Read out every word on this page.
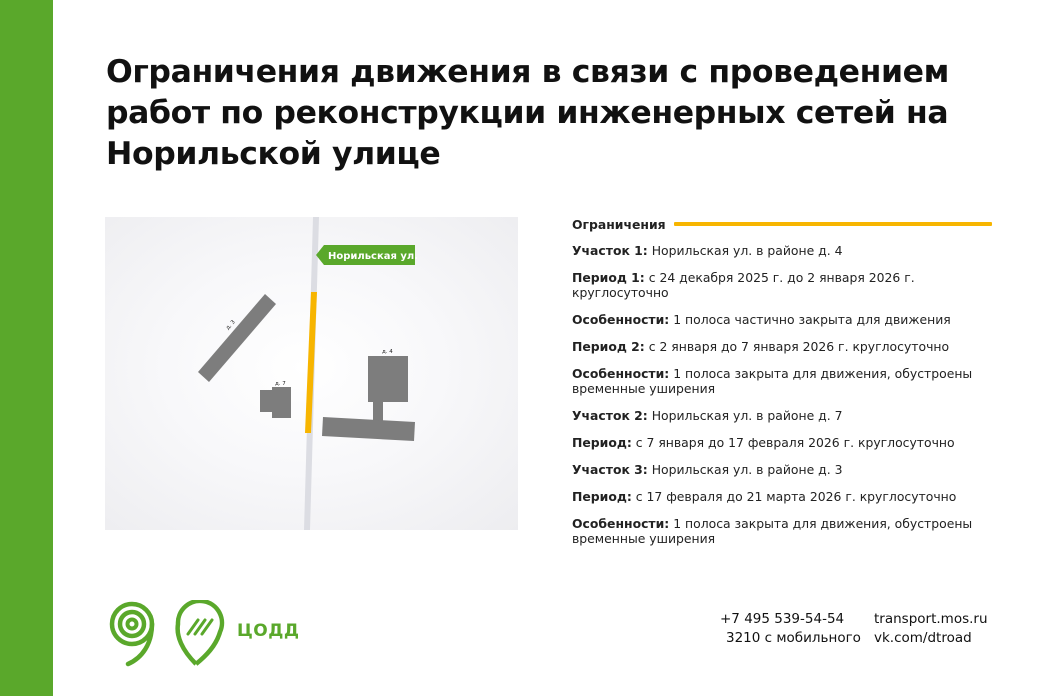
Ограничения движения в связи с проведением работ по реконструкции инженерных сетей на Норильской улице
д. 3
д. 7
д. 4
Норильская ул.
Ограничения
Участок 1: Норильская ул. в районе д. 4
Период 1: с 24 декабря 2025 г. до 2 января 2026 г. круглосуточно
Особенности: 1 полоса частично закрыта для движения
Период 2: с 2 января до 7 января 2026 г. круглосуточно
Особенности: 1 полоса закрыта для движения, обустроены временные уширения
Участок 2: Норильская ул. в районе д. 7
Период: с 7 января до 17 февраля 2026 г. круглосуточно
Участок 3: Норильская ул. в районе д. 3
Период: с 17 февраля до 21 марта 2026 г. круглосуточно
Особенности: 1 полоса закрыта для движения, обустроены временные уширения
ЦОДД
+7 495 539-54-54
3210 с мобильного
transport.mos.ru
vk.com/dtroad
